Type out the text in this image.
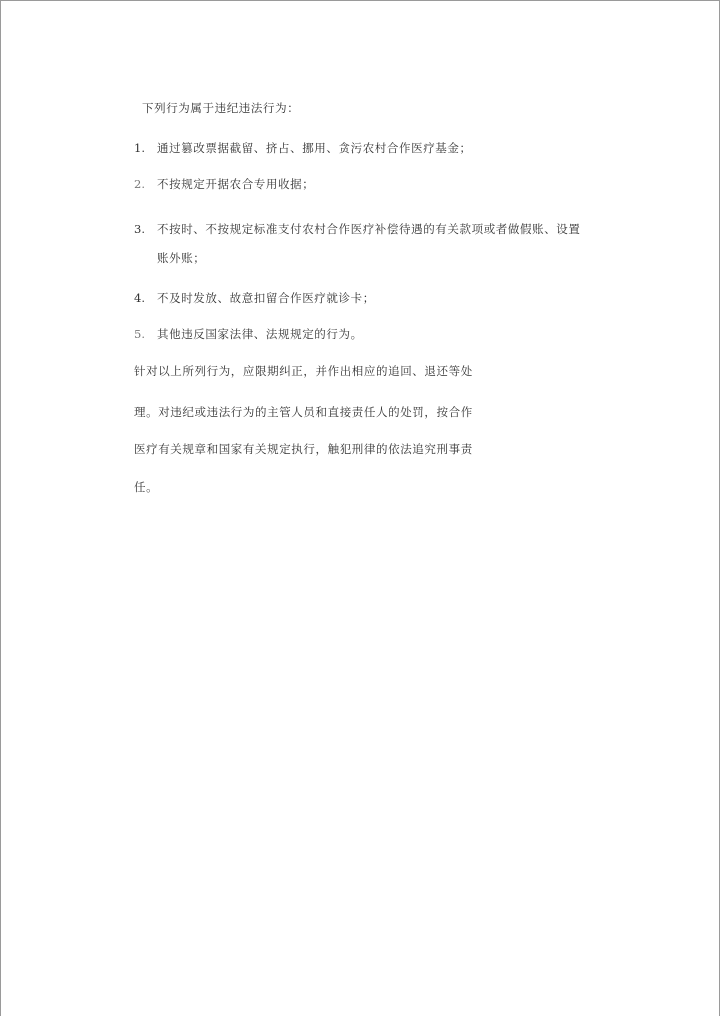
下列行为属于违纪违法行为：
1. 通过篡改票据截留、挤占、挪用、贪污农村合作医疗基金；
2. 不按规定开据农合专用收据；
3. 不按时、不按规定标准支付农村合作医疗补偿待遇的有关款项或者做假账、设置
账外账；
4. 不及时发放、故意扣留合作医疗就诊卡；
5. 其他违反国家法律、法规规定的行为。
针对以上所列行为，应限期纠正，并作出相应的追回、退还等处
理。对违纪或违法行为的主管人员和直接责任人的处罚，按合作
医疗有关规章和国家有关规定执行，触犯刑律的依法追究刑事责
任。
